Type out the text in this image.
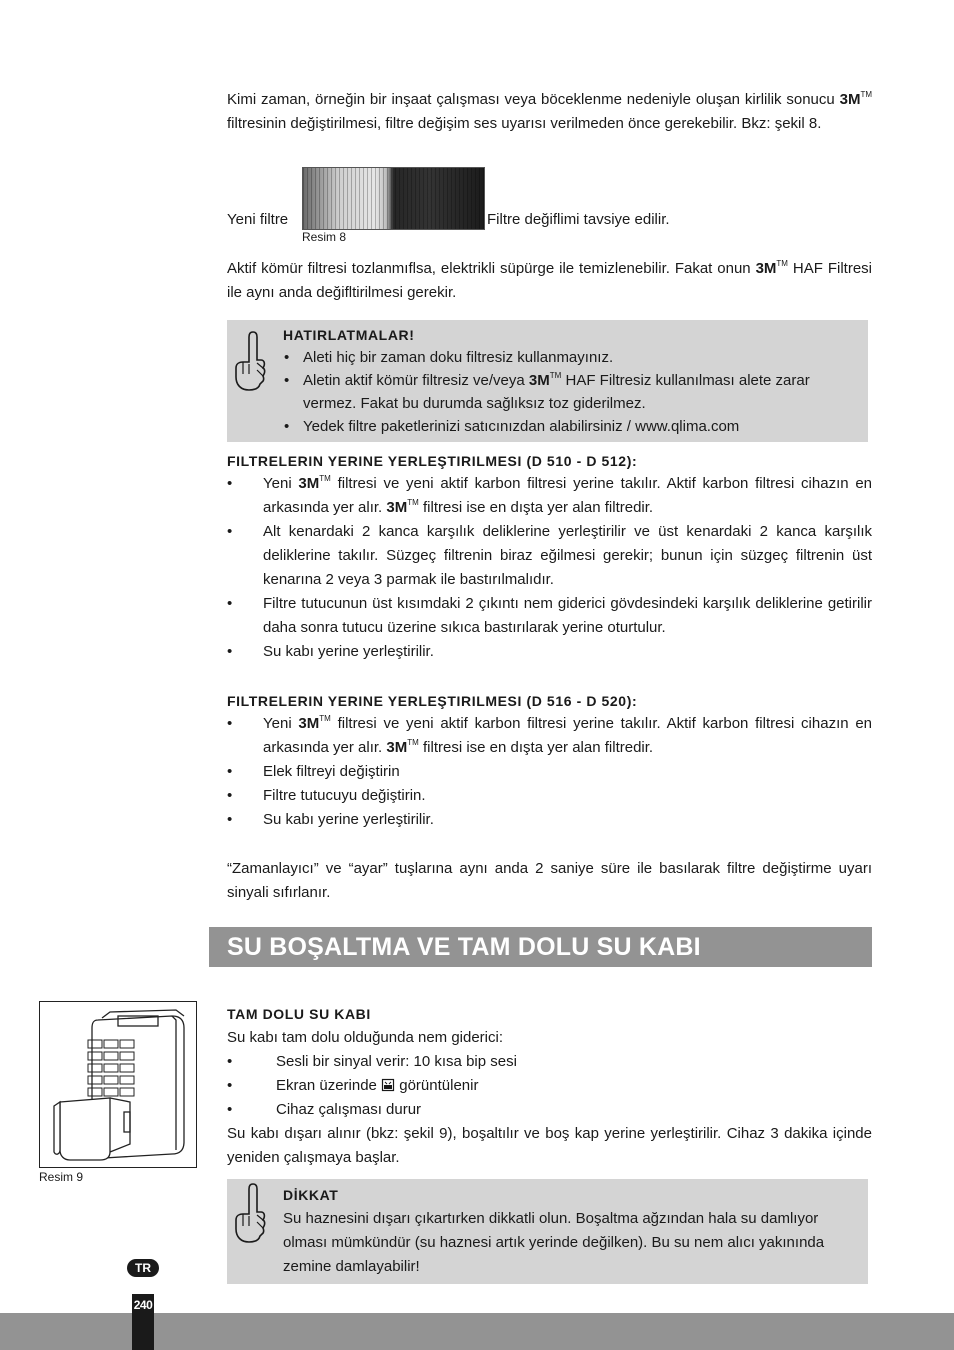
Kimi zaman, örneğin bir inşaat çalışması veya böceklenme nedeniyle oluşan kirlilik sonucu 3M™ filtresinin değiştirilmesi, filtre değişim ses uyarısı verilmeden önce gerekebilir. Bkz: şekil 8.
Yeni filtre	Filtre değiflimi tavsiye edilir.
Resim 8
Aktif kömür filtresi tozlanmıflsa, elektrikli süpürge ile temizlenebilir. Fakat onun 3M™ HAF Filtresi ile aynı anda değifltirilmesi gerekir.
HATIRLATMALAR!
• Aleti hiç bir zaman doku filtresiz kullanmayınız.
• Aletin aktif kömür filtresiz ve/veya 3M™ HAF Filtresiz kullanılması alete zarar vermez. Fakat bu durumda sağlıksız toz giderilmez.
• Yedek filtre paketlerinizi satıcınızdan alabilirsiniz / www.qlima.com
FILTRELERIN YERINE YERLEŞTIRILMESI (D 510 - D 512):
• Yeni 3M™ filtresi ve yeni aktif karbon filtresi yerine takılır. Aktif karbon filtresi cihazın en arkasında yer alır. 3M™ filtresi ise en dışta yer alan filtredir.
• Alt kenardaki 2 kanca karşılık deliklerine yerleştirilir ve üst kenardaki 2 kanca karşılık deliklerine takılır. Süzgeç filtrenin biraz eğilmesi gerekir; bunun için süzgeç filtrenin üst kenarına 2 veya 3 parmak ile bastırılmalıdır.
• Filtre tutucunun üst kısımdaki 2 çıkıntı nem giderici gövdesindeki karşılık deliklerine getirilir daha sonra tutucu üzerine sıkıca bastırılarak yerine oturtulur.
• Su kabı yerine yerleştirilir.
FILTRELERIN YERINE YERLEŞTIRILMESI (D 516 - D 520):
• Yeni 3M™ filtresi ve yeni aktif karbon filtresi yerine takılır. Aktif karbon filtresi cihazın en arkasında yer alır. 3M™ filtresi ise en dışta yer alan filtredir.
• Elek filtreyi değiştirin
• Filtre tutucuyu değiştirin.
• Su kabı yerine yerleştirilir.
“Zamanlayıcı” ve “ayar” tuşlarına aynı anda 2 saniye süre ile basılarak filtre değiştirme uyarı sinyali sıfırlanır.
SU BOŞALTMA VE TAM DOLU SU KABI
Resim 9
TAM DOLU SU KABI
Su kabı tam dolu olduğunda nem giderici:
•	Sesli bir sinyal verir: 10 kısa bip sesi
•	Ekran üzerinde görüntülenir
•	Cihaz çalışması durur
Su kabı dışarı alınır (bkz: şekil 9), boşaltılır ve boş kap yerine yerleştirilir. Cihaz 3 dakika içinde yeniden çalışmaya başlar.
DİKKAT
Su haznesini dışarı çıkartırken dikkatli olun. Boşaltma ağzından hala su damlıyor olması mümkündür (su haznesi artık yerinde değilken). Bu su nem alıcı yakınında zemine damlayabilir!
TR
240
